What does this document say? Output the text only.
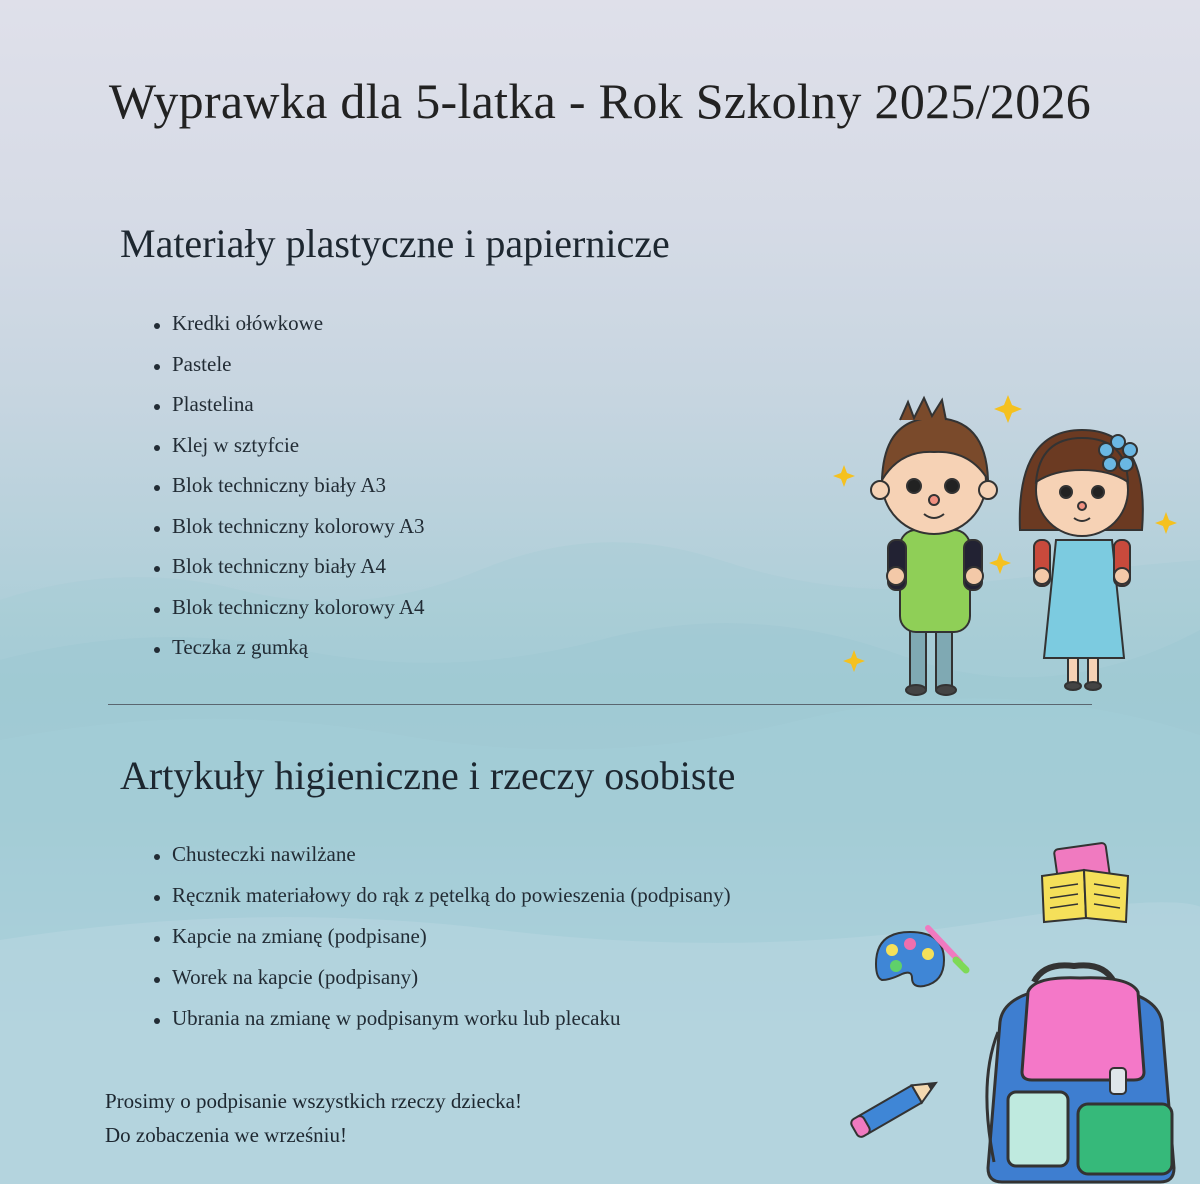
Wyprawka dla 5-latka - Rok Szkolny 2025/2026
Materiały plastyczne i papiernicze
Kredki ołówkowe
Pastele
Plastelina
Klej w sztyfcie
Blok techniczny biały A3
Blok techniczny kolorowy A3
Blok techniczny biały A4
Blok techniczny kolorowy A4
Teczka z gumką
Artykuły higieniczne i rzeczy osobiste
Chusteczki nawilżane
Ręcznik materiałowy do rąk z pętelką do powieszenia (podpisany)
Kapcie na zmianę (podpisane)
Worek na kapcie (podpisany)
Ubrania na zmianę w podpisanym worku lub plecaku
Prosimy o podpisanie wszystkich rzeczy dziecka!
Do zobaczenia we wrześniu!
